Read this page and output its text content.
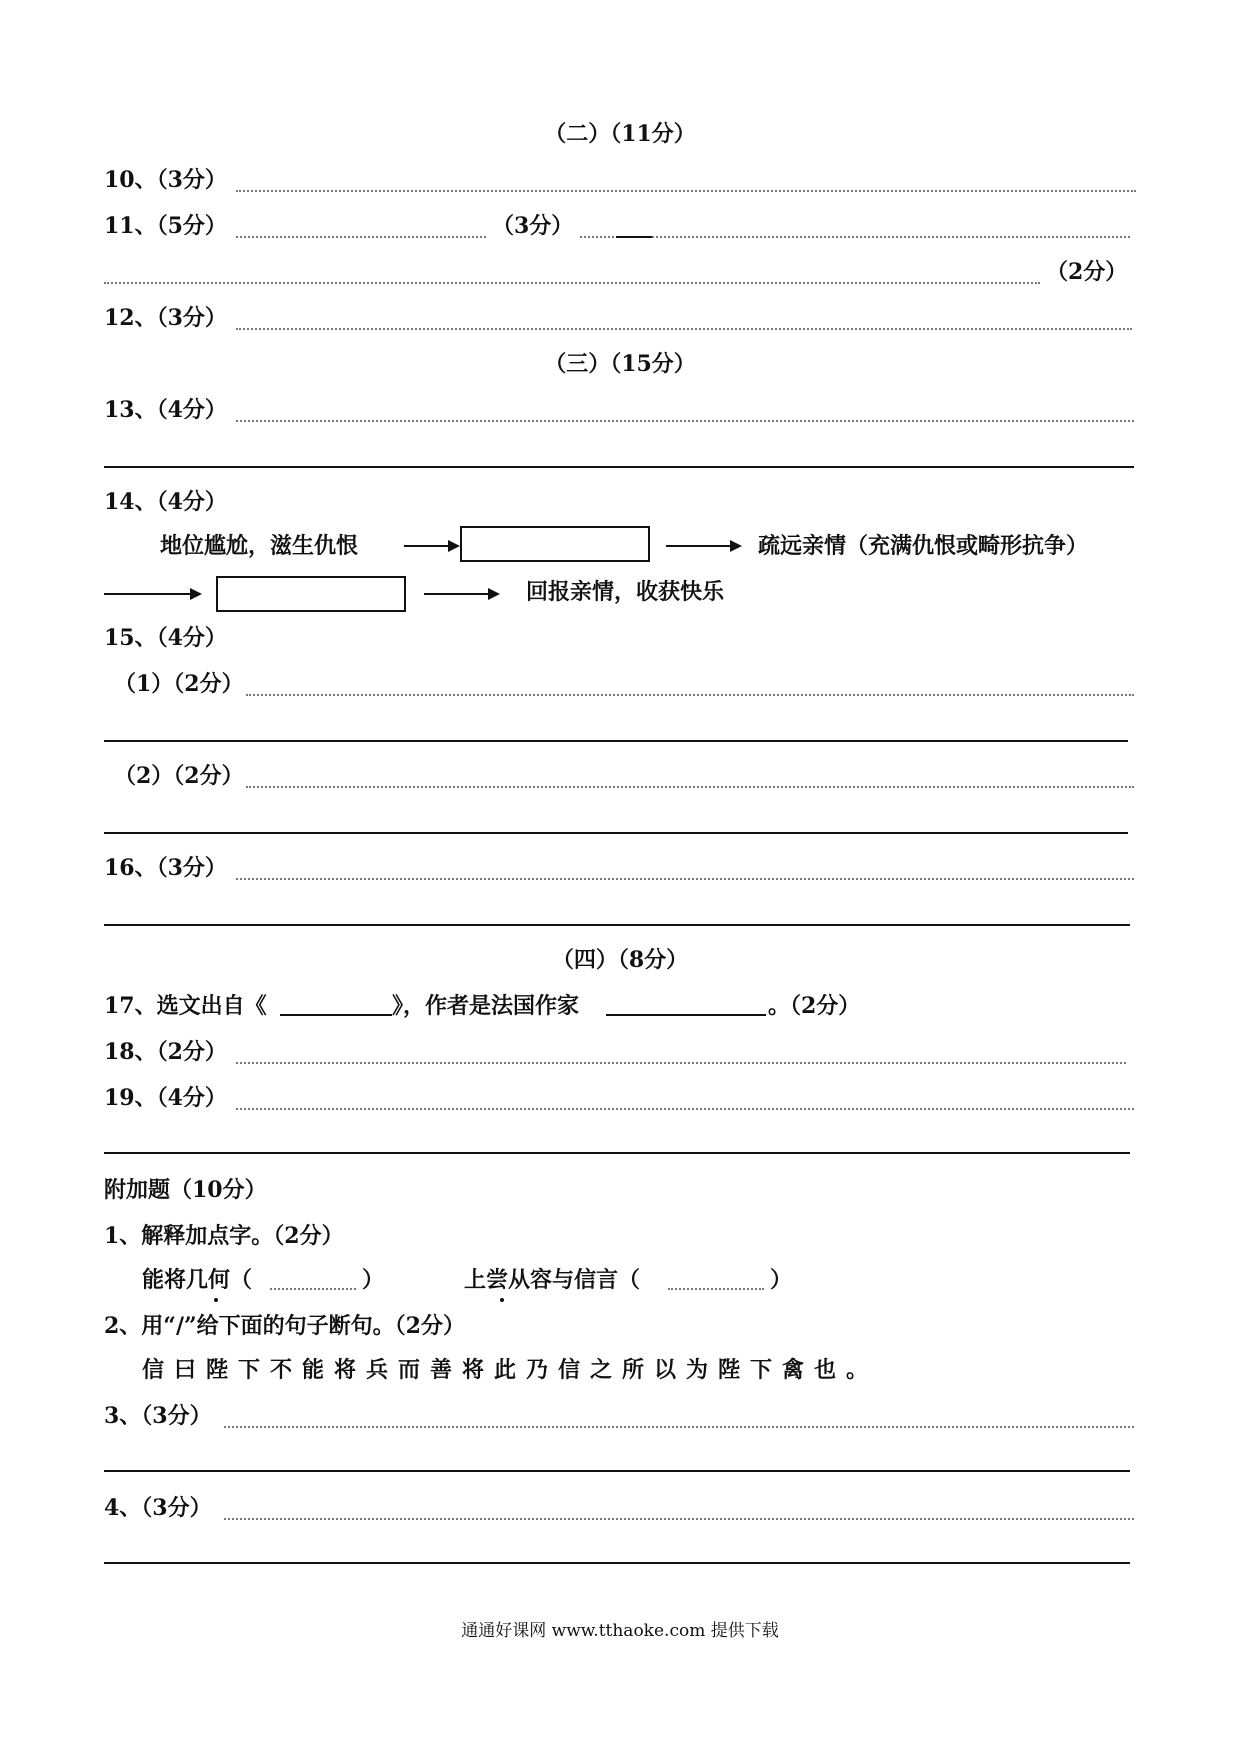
（二）（11分）
10、（3分）
11、（5分）	（3分）
（2分）
12、（3分）
（三）（15分）
13、（4分）
14、（4分）
地位尴尬，滋生仇恨	疏远亲情（充满仇恨或畸形抗争）
回报亲情，收获快乐
15、（4分）
（1）（2分）
（2）（2分）
16、（3分）
（四）（8分）
17、选文出自《	》，作者是法国作家	。（2分）
18、（2分）
19、（4分）
附加题（10分）
1、解释加点字。（2分）
能将几何（	）	上尝从容与信言（	）
2、用“/”给下面的句子断句。（2分）
信曰陛下不能将兵而善将此乃信之所以为陛下禽也。
3、（3分）
4、（3分）
通通好课网 www.tthaoke.com 提供下载
